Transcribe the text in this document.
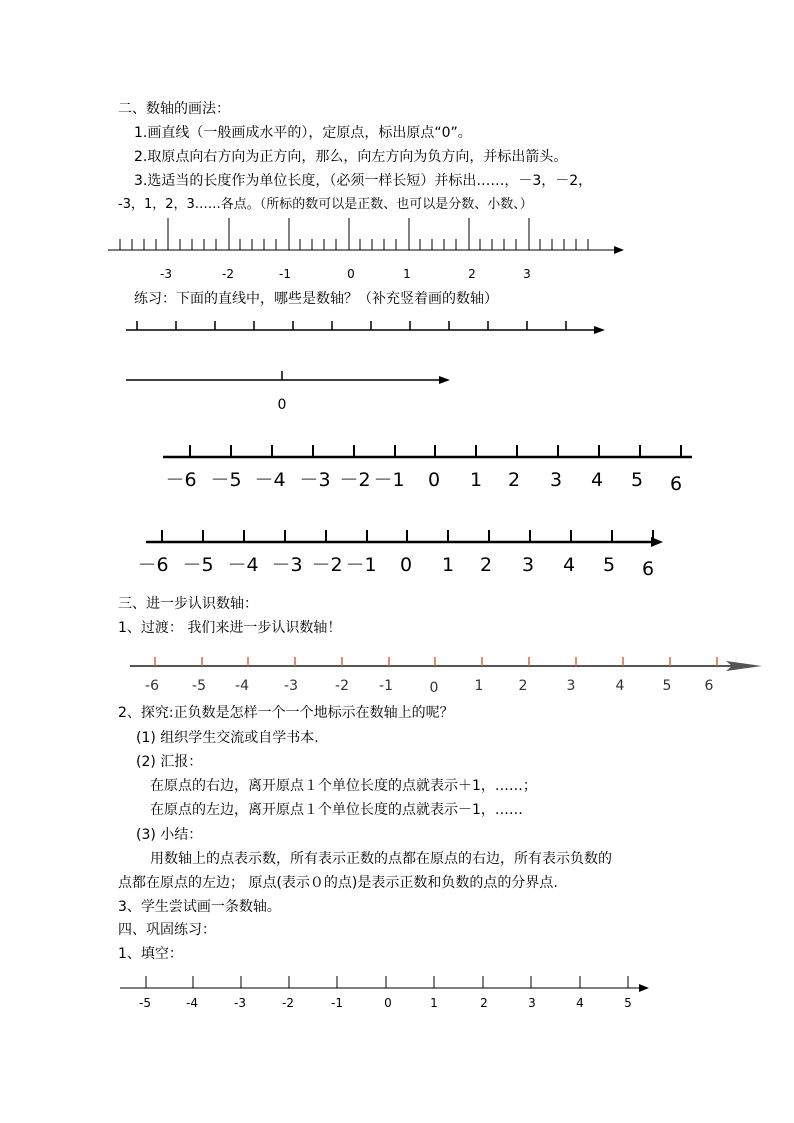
二、数轴的画法：
1.画直线（一般画成水平的），定原点，标出原点“0”。
2.取原点向右方向为正方向，那么，向左方向为负方向，并标出箭头。
3.选适当的长度作为单位长度，（必须一样长短）并标出……，－3，－2，
-3，1，2，3……各点。（所标的数可以是正数、也可以是分数、小数、）
-3	-2	-1	0	1	2	3
练习：下面的直线中，哪些是数轴？（补充竖着画的数轴）
0
－6 －5 －4 －3 －2 －1 0 1 2 3 4 5 6
－6 －5 －4 －3 －2 －1 0 1 2 3 4 5 6
三、进一步认识数轴：
1、过渡： 我们来进一步认识数轴！
-6 -5 -4	-3	-2 -1	0	1	2	3	4	5 6
2、探究:正负数是怎样一个一个地标示在数轴上的呢？
(1) 组织学生交流或自学书本.
(2) 汇报：
在原点的右边，离开原点１个单位长度的点就表示＋1，……；
在原点的左边，离开原点１个单位长度的点就表示－1，……
(3) 小结：
用数轴上的点表示数，所有表示正数的点都在原点的右边，所有表示负数的
点都在原点的左边； 原点(表示０的点)是表示正数和负数的点的分界点.
3、学生尝试画一条数轴。
四、巩固练习：
1、填空：
-5	-4	-3	-2	-1	0	1	2	3	4	5
